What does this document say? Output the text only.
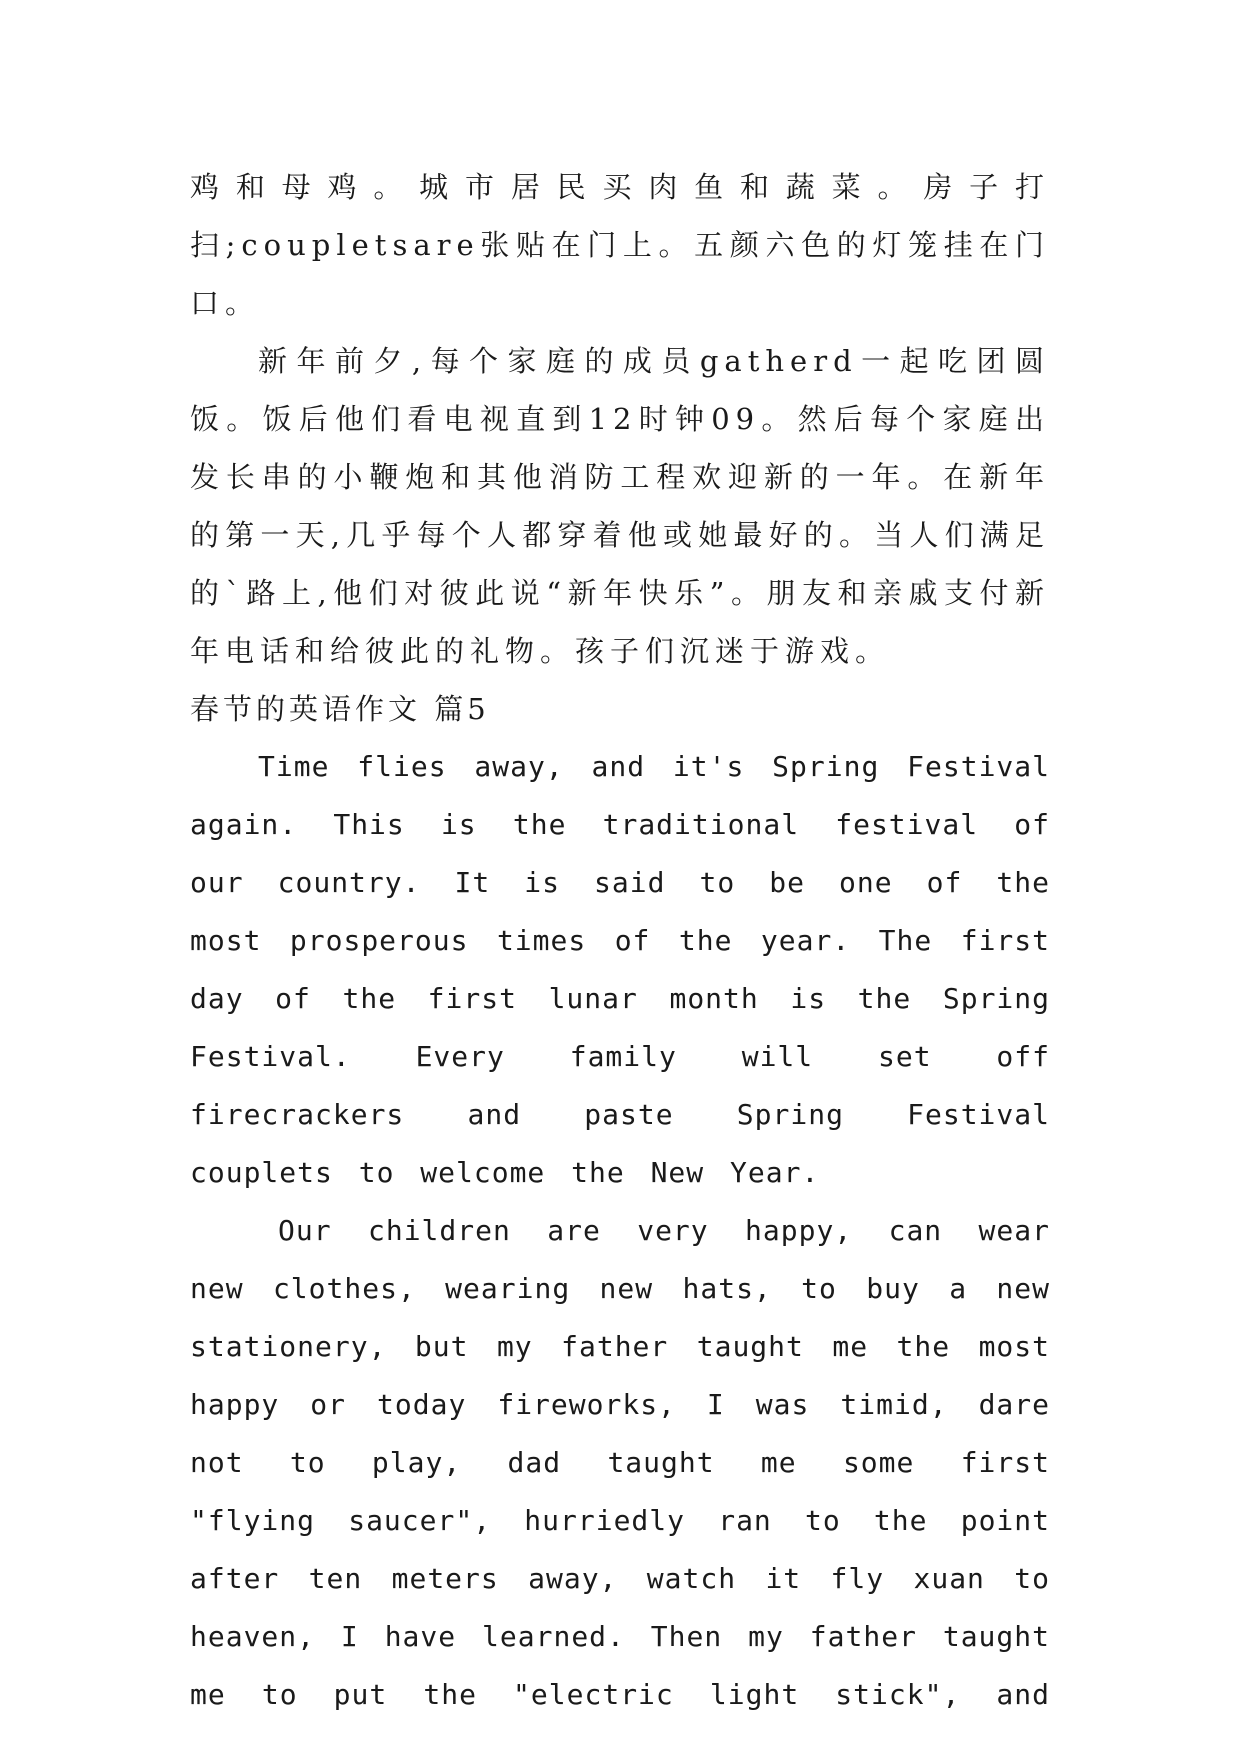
鸡和母鸡。城市居民买肉鱼和蔬菜。房子打扫;coupletsare张贴在门上。五颜六色的灯笼挂在门口。

新年前夕,每个家庭的成员gatherd一起吃团圆饭。饭后他们看电视直到12时钟09。然后每个家庭出发长串的小鞭炮和其他消防工程欢迎新的一年。在新年的第一天,几乎每个人都穿着他或她最好的。当人们满足的`路上,他们对彼此说“新年快乐”。朋友和亲戚支付新年电话和给彼此的礼物。孩子们沉迷于游戏。

春节的英语作文 篇5

Time flies away, and it's Spring Festival again. This is the traditional festival of our country. It is said to be one of the most prosperous times of the year. The first day of the first lunar month is the Spring Festival. Every family will set off firecrackers and paste Spring Festival couplets to welcome the New Year.

Our children are very happy, can wear new clothes, wearing new hats, to buy a new stationery, but my father taught me the most happy or today fireworks, I was timid, dare not to play, dad taught me some first "flying saucer", hurriedly ran to the point after ten meters away, watch it fly xuan to heaven, I have learned. Then my father taught me to put the "electric light stick", and
